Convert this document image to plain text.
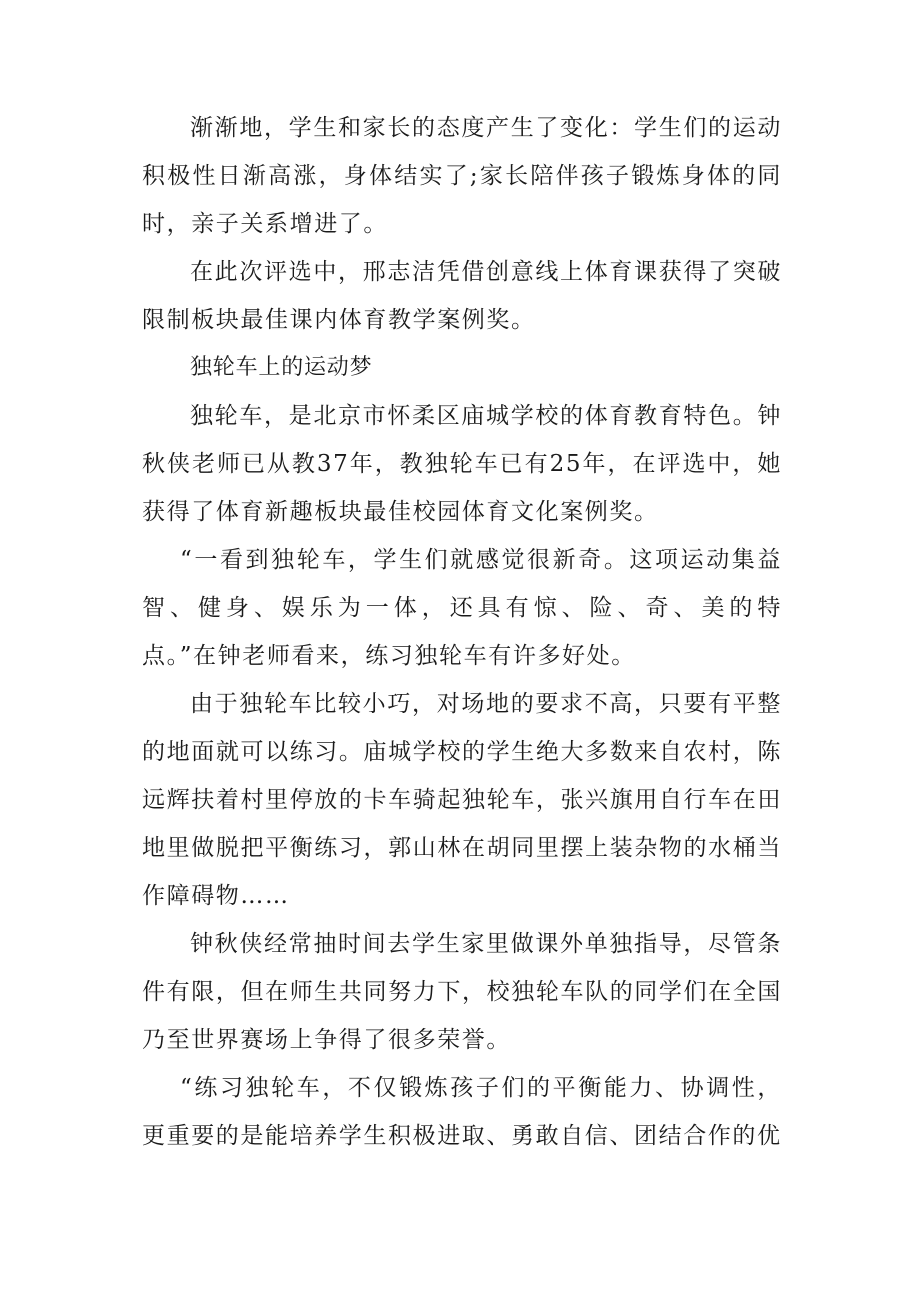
渐渐地，学生和家长的态度产生了变化：学生们的运动积极性日渐高涨，身体结实了;家长陪伴孩子锻炼身体的同时，亲子关系增进了。

在此次评选中，邢志洁凭借创意线上体育课获得了突破限制板块最佳课内体育教学案例奖。

独轮车上的运动梦

独轮车，是北京市怀柔区庙城学校的体育教育特色。钟秋侠老师已从教37年，教独轮车已有25年，在评选中，她获得了体育新趣板块最佳校园体育文化案例奖。

“一看到独轮车，学生们就感觉很新奇。这项运动集益智、健身、娱乐为一体，还具有惊、险、奇、美的特点。”在钟老师看来，练习独轮车有许多好处。

由于独轮车比较小巧，对场地的要求不高，只要有平整的地面就可以练习。庙城学校的学生绝大多数来自农村，陈远辉扶着村里停放的卡车骑起独轮车，张兴旗用自行车在田地里做脱把平衡练习，郭山林在胡同里摆上装杂物的水桶当作障碍物……

钟秋侠经常抽时间去学生家里做课外单独指导，尽管条件有限，但在师生共同努力下，校独轮车队的同学们在全国乃至世界赛场上争得了很多荣誉。

“练习独轮车，不仅锻炼孩子们的平衡能力、协调性，更重要的是能培养学生积极进取、勇敢自信、团结合作的优
